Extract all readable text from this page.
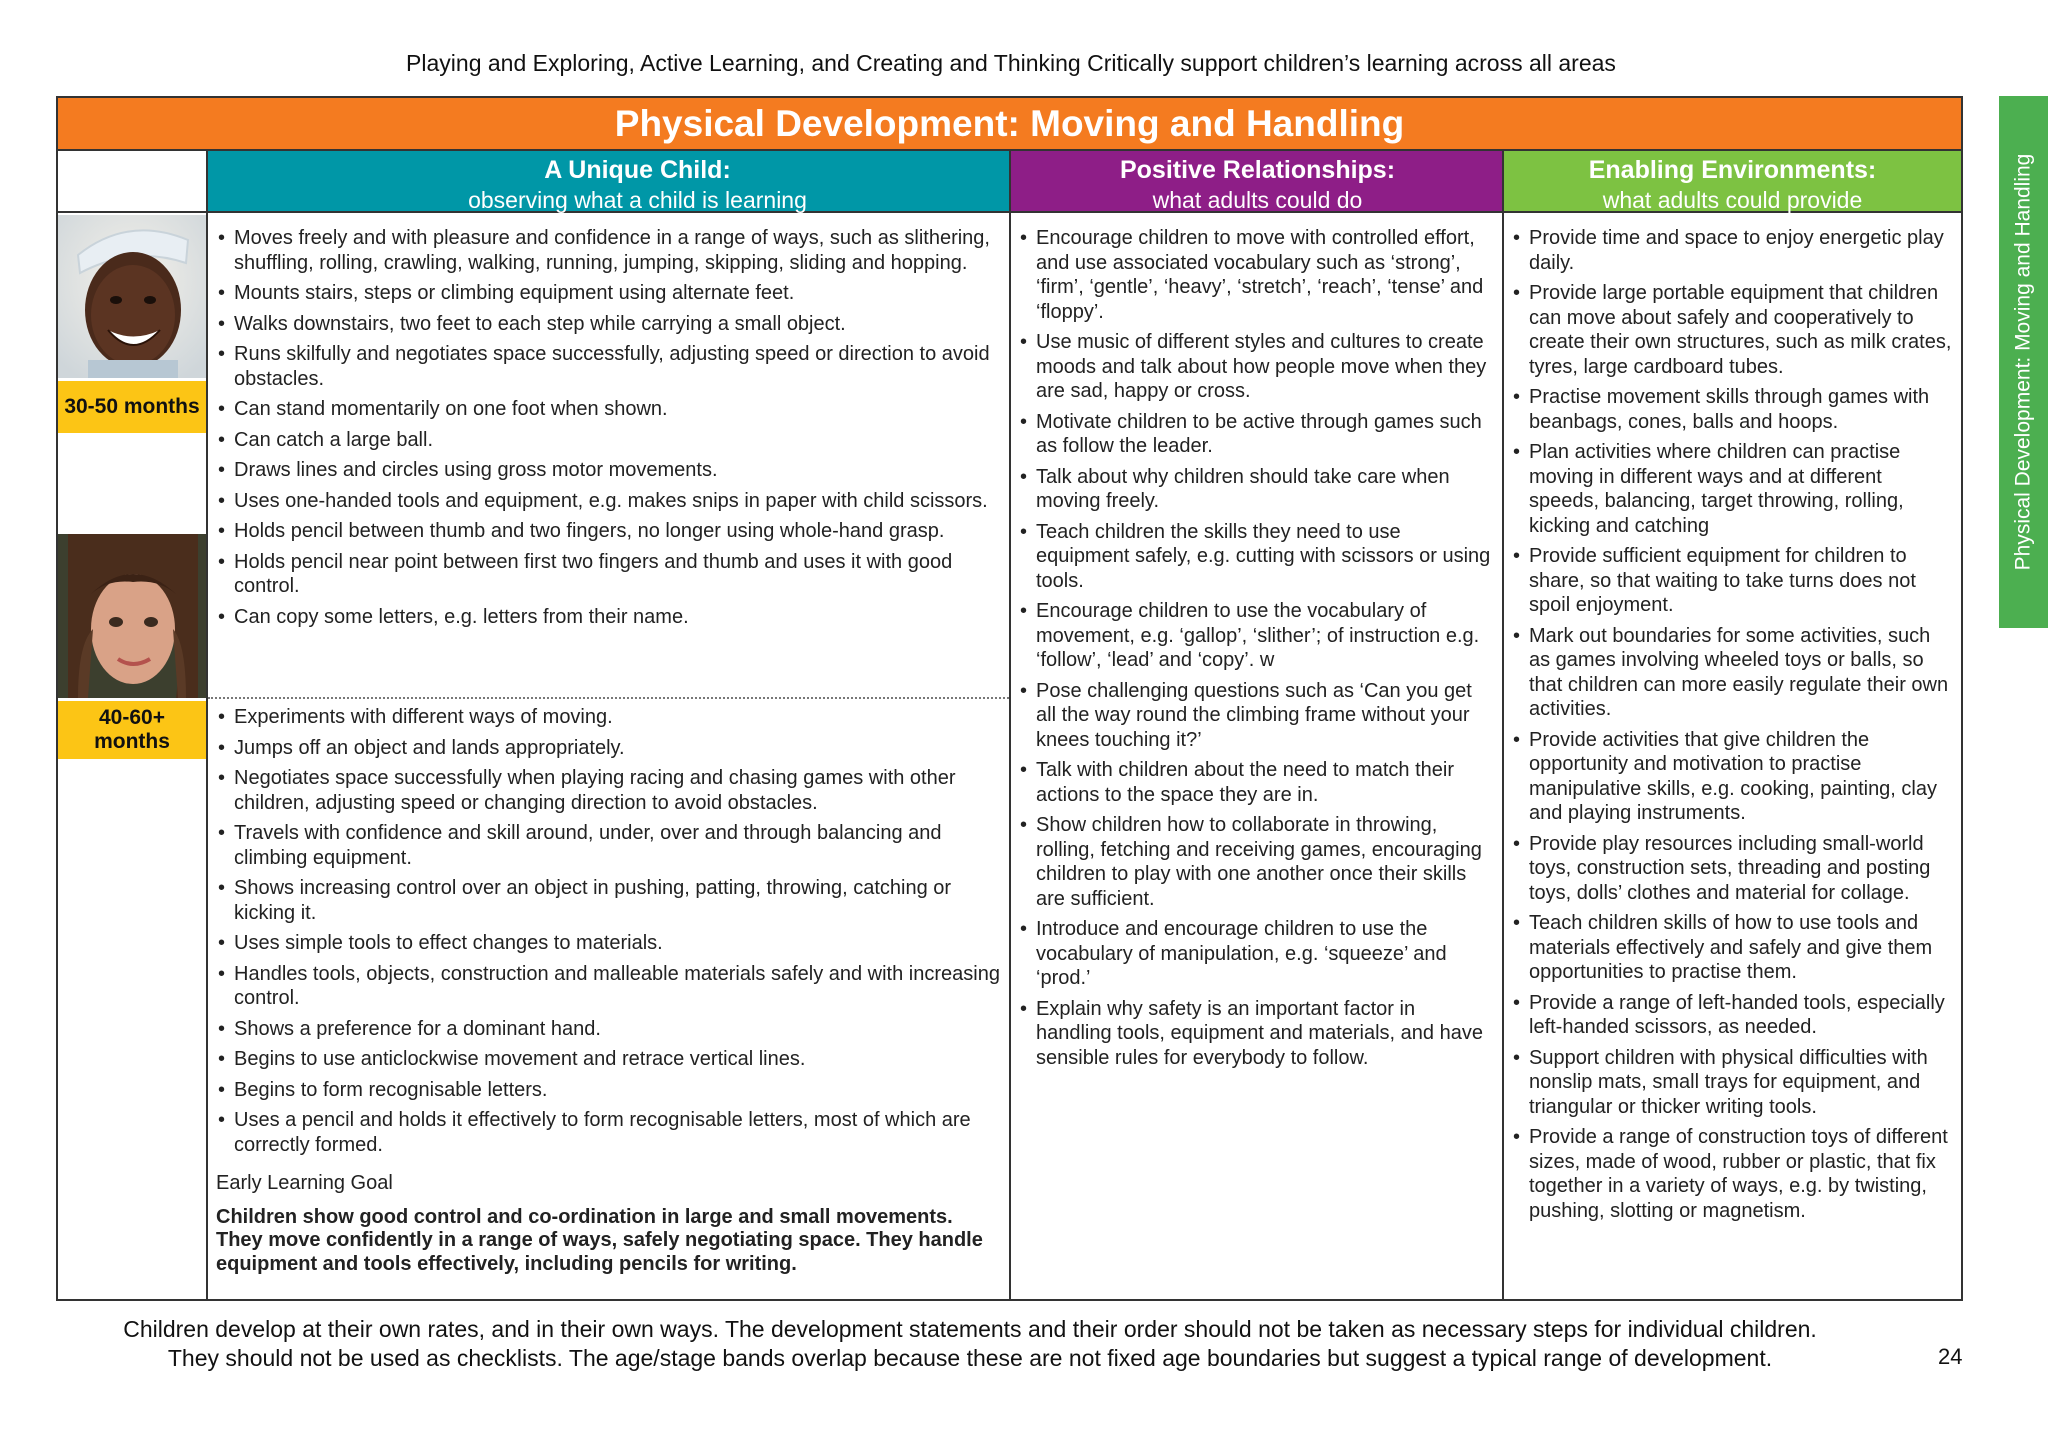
Playing and Exploring, Active Learning, and Creating and Thinking Critically support children’s learning across all areas
Physical Development: Moving and Handling
Physical Development: Moving and Handling
A Unique Child:
observing what a child is learning
Positive Relationships:
what adults could do
Enabling Environments:
what adults could provide
30-50 months
40-60+ months
• Moves freely and with pleasure and confidence in a range of ways, such as slithering, shuffling, rolling, crawling, walking, running, jumping, skipping, sliding and hopping.
• Mounts stairs, steps or climbing equipment using alternate feet.
• Walks downstairs, two feet to each step while carrying a small object.
• Runs skilfully and negotiates space successfully, adjusting speed or direction to avoid obstacles.
• Can stand momentarily on one foot when shown.
• Can catch a large ball.
• Draws lines and circles using gross motor movements.
• Uses one-handed tools and equipment, e.g. makes snips in paper with child scissors.
• Holds pencil between thumb and two fingers, no longer using whole-hand grasp.
• Holds pencil near point between first two fingers and thumb and uses it with good control.
• Can copy some letters, e.g. letters from their name.
• Experiments with different ways of moving.
• Jumps off an object and lands appropriately.
• Negotiates space successfully when playing racing and chasing games with other children, adjusting speed or changing direction to avoid obstacles.
• Travels with confidence and skill around, under, over and through balancing and climbing equipment.
• Shows increasing control over an object in pushing, patting, throwing, catching or kicking it.
• Uses simple tools to effect changes to materials.
• Handles tools, objects, construction and malleable materials safely and with increasing control.
• Shows a preference for a dominant hand.
• Begins to use anticlockwise movement and retrace vertical lines.
• Begins to form recognisable letters.
• Uses a pencil and holds it effectively to form recognisable letters, most of which are correctly formed.
Early Learning Goal
Children show good control and co-ordination in large and small movements. They move confidently in a range of ways, safely negotiating space. They handle equipment and tools effectively, including pencils for writing.
• Encourage children to move with controlled effort, and use associated vocabulary such as ‘strong’, ‘firm’, ‘gentle’, ‘heavy’, ‘stretch’, ‘reach’, ‘tense’ and ‘floppy’.
• Use music of different styles and cultures to create moods and talk about how people move when they are sad, happy or cross.
• Motivate children to be active through games such as follow the leader.
• Talk about why children should take care when moving freely.
• Teach children the skills they need to use equipment safely, e.g. cutting with scissors or using tools.
• Encourage children to use the vocabulary of movement, e.g. ‘gallop’, ‘slither’; of instruction e.g. ‘follow’, ‘lead’ and ‘copy’. w
• Pose challenging questions such as ‘Can you get all the way round the climbing frame without your knees touching it?’
• Talk with children about the need to match their actions to the space they are in.
• Show children how to collaborate in throwing, rolling, fetching and receiving games, encouraging children to play with one another once their skills are sufficient.
• Introduce and encourage children to use the vocabulary of manipulation, e.g. ‘squeeze’ and ‘prod.’
• Explain why safety is an important factor in handling tools, equipment and materials, and have sensible rules for everybody to follow.
• Provide time and space to enjoy energetic play daily.
• Provide large portable equipment that children can move about safely and cooperatively to create their own structures, such as milk crates, tyres, large cardboard tubes.
• Practise movement skills through games with beanbags, cones, balls and hoops.
• Plan activities where children can practise moving in different ways and at different speeds, balancing, target throwing, rolling, kicking and catching
• Provide sufficient equipment for children to share, so that waiting to take turns does not spoil enjoyment.
• Mark out boundaries for some activities, such as games involving wheeled toys or balls, so that children can more easily regulate their own activities.
• Provide activities that give children the opportunity and motivation to practise manipulative skills, e.g. cooking, painting, clay and playing instruments.
• Provide play resources including small-world toys, construction sets, threading and posting toys, dolls’ clothes and material for collage.
• Teach children skills of how to use tools and materials effectively and safely and give them opportunities to practise them.
• Provide a range of left-handed tools, especially left-handed scissors, as needed.
• Support children with physical difficulties with nonslip mats, small trays for equipment, and triangular or thicker writing tools.
• Provide a range of construction toys of different sizes, made of wood, rubber or plastic, that fix together in a variety of ways, e.g. by twisting, pushing, slotting or magnetism.
Children develop at their own rates, and in their own ways. The development statements and their order should not be taken as necessary steps for individual children.
They should not be used as checklists. The age/stage bands overlap because these are not fixed age boundaries but suggest a typical range of development.	24
